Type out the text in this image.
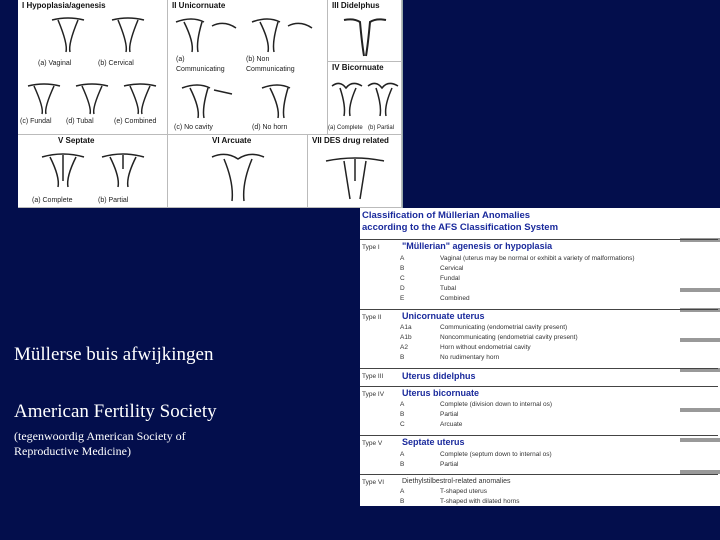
I Hypoplasia/agenesis
(a) Vaginal	(b) Cervical
(c) Fundal (d) Tubal	(e) Combined
II Unicornuate
(a)
Communicating
(b) Non
Communicating
(c) No cavity	(d) No horn
III Didelphus
IV Bicornuate
(a) Complete (b) Partial
V Septate
(a) Complete	(b) Partial
VI Arcuate	VII DES drug related
Müllerse buis afwijkingen
American Fertility Society
(tegenwoordig American Society of Reproductive Medicine)
Classification of Müllerian Anomalies
according to the AFS Classification System
Type I "Müllerian" agenesis or hypoplasia
A	Vaginal (uterus may be normal or exhibit a variety of malformations)
B	Cervical
C	Fundal
D	Tubal
E	Combined
Type II Unicornuate uterus
A1a	Communicating (endometrial cavity present)
A1b	Noncommunicating (endometrial cavity present)
A2	Horn without endometrial cavity
B	No rudimentary horn
Type III Uterus didelphus
Type IV Uterus bicornuate
A	Complete (division down to internal os)
B	Partial
C	Arcuate
Type V Septate uterus
A	Complete (septum down to internal os)
B	Partial
Type VI	Diethylstilbestrol-related anomalies
A	T-shaped uterus
B	T-shaped with dilated horns
